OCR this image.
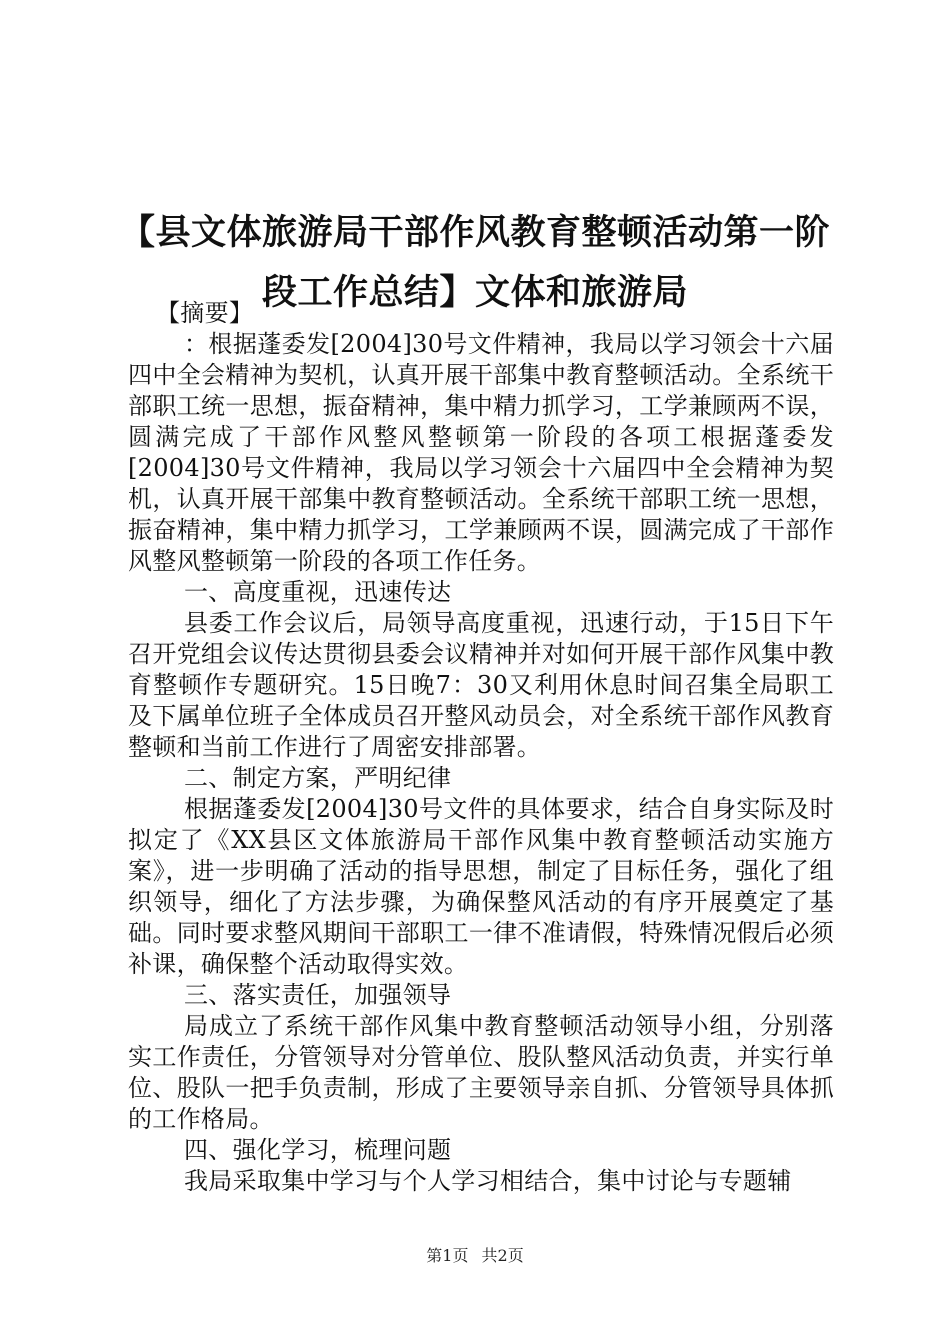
【县文体旅游局干部作风教育整顿活动第一阶段工作总结】文体和旅游局

【摘要】

：根据蓬委发[2004]30号文件精神，我局以学习领会十六届四中全会精神为契机，认真开展干部集中教育整顿活动。全系统干部职工统一思想，振奋精神，集中精力抓学习，工学兼顾两不误，圆满完成了干部作风整风整顿第一阶段的各项工根据蓬委发[2004]30号文件精神，我局以学习领会十六届四中全会精神为契机，认真开展干部集中教育整顿活动。全系统干部职工统一思想，振奋精神，集中精力抓学习，工学兼顾两不误，圆满完成了干部作风整风整顿第一阶段的各项工作任务。

一、高度重视，迅速传达

县委工作会议后，局领导高度重视，迅速行动，于15日下午召开党组会议传达贯彻县委会议精神并对如何开展干部作风集中教育整顿作专题研究。15日晚7：30又利用休息时间召集全局职工及下属单位班子全体成员召开整风动员会，对全系统干部作风教育整顿和当前工作进行了周密安排部署。

二、制定方案，严明纪律

根据蓬委发[2004]30号文件的具体要求，结合自身实际及时拟定了《XX县区文体旅游局干部作风集中教育整顿活动实施方案》，进一步明确了活动的指导思想，制定了目标任务，强化了组织领导，细化了方法步骤，为确保整风活动的有序开展奠定了基础。同时要求整风期间干部职工一律不准请假，特殊情况假后必须补课，确保整个活动取得实效。

三、落实责任，加强领导

局成立了系统干部作风集中教育整顿活动领导小组，分别落实工作责任，分管领导对分管单位、股队整风活动负责，并实行单位、股队一把手负责制，形成了主要领导亲自抓、分管领导具体抓的工作格局。

四、强化学习，梳理问题

我局采取集中学习与个人学习相结合，集中讨论与专题辅

第1页 共2页
